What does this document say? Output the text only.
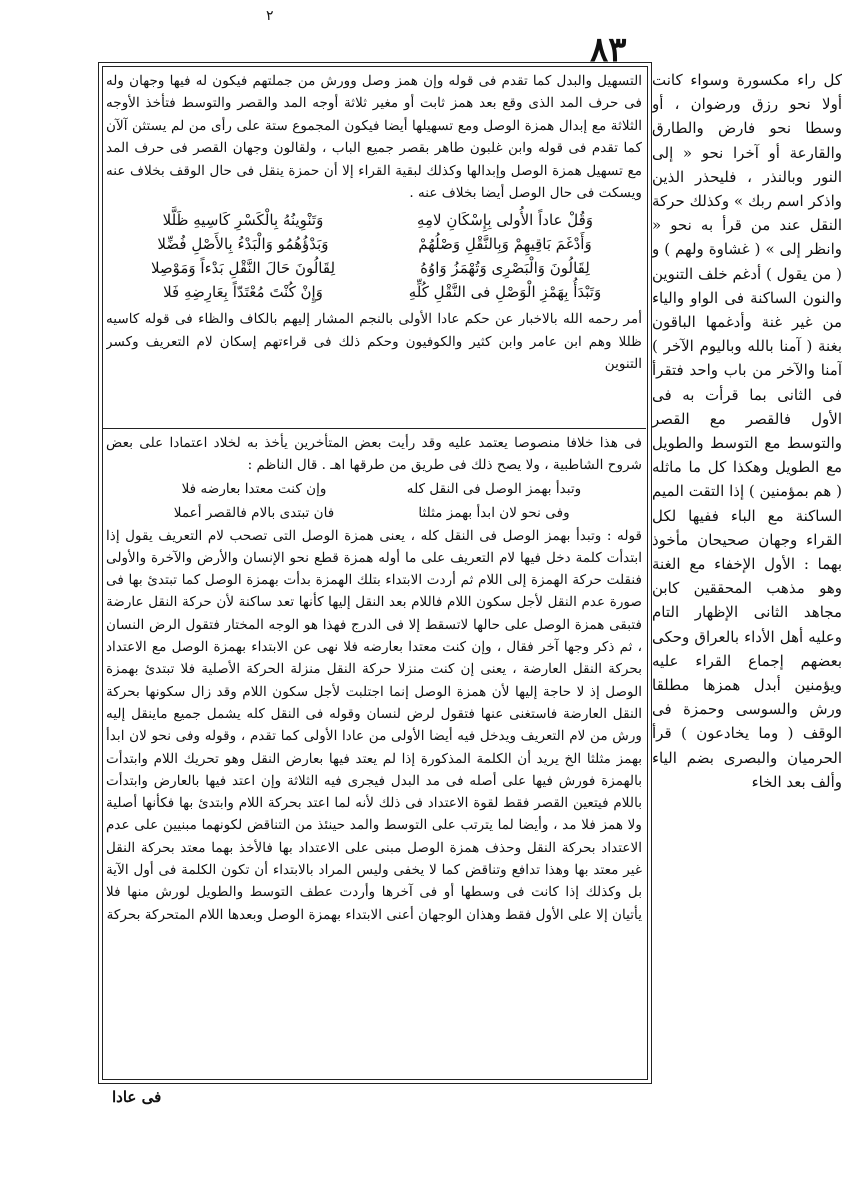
٢
٨٣

التسهيل والبدل كما تقدم فى قوله وإن همز وصل وورش من جملتهم فيكون له فيها وجهان وله فى حرف المد الذى وقع بعد همز ثابت أو مغير ثلاثة أوجه المد والقصر والتوسط فتأخذ الأوجه الثلاثة مع إبدال همزة الوصل ومع تسهيلها أيضا فيكون المجموع ستة على رأى من لم يستثن آلآن كما تقدم فى قوله وابن غلبون طاهر بقصر جميع الباب ، ولقالون وجهان القصر فى حرف المد مع تسهيل همزة الوصل وإبدالها وكذلك لبقية القراء إلا أن حمزة ينقل فى حال الوقف بخلاف عنه ويسكت فى حال الوصل أيضا بخلاف عنه .

وَقُلْ عاداً الأُولى بِإِسْكَانِ لامِهِ
وَتَنْوِينُهُ بِالْكَسْرِ كَاسِيهِ ظَلَّلا
وَأَدْغَمَ بَاقِيهِمْ وَبِالنَّقْلِ وَصْلُهُمْ
وَبَدْؤُهُمُو وَالْبَدْءُ بِالأَصْلِ فُضِّلا
لِقَالُونَ وَالْبَصْرِى وَتُهْمَزُ وَاوُهُ
لِقَالُونَ حَالَ النَّقْلِ بَدْءاً وَمَوْصِلا
وَتَبْدَأُ بِهَمْزِ الْوَصْلِ فى النَّقْلِ كُلِّهِ
وَإِنْ كُنْتَ مُعْتَدّاً بِعَارِضِهِ فَلا

أمر رحمه الله بالاخبار عن حكم عادا الأولى بالنجم المشار إليهم بالكاف والظاء فى قوله كاسيه ظللا وهم ابن عامر وابن كثير والكوفيون وحكم ذلك فى قراءتهم إسكان لام التعريف وكسر التنوين

فى هذا خلافا منصوصا يعتمد عليه وقد رأيت بعض المتأخرين يأخذ به لخلاد اعتمادا على بعض شروح الشاطبية ، ولا يصح ذلك فى طريق من طرقها اهـ . قال الناظم :

وتبدأ بهمز الوصل فى النقل كله
وإن كنت معتدا بعارضه فلا
وفى نحو لان ابدأ بهمز مثلثا
فان تبتدى بالام فالقصر أعملا

قوله : وتبدأ بهمز الوصل فى النقل كله ، يعنى همزة الوصل التى تصحب لام التعريف يقول إذا ابتدأت كلمة دخل فيها لام التعريف على ما أوله همزة قطع نحو الإنسان والأرض والآخرة والأولى فنقلت حركة الهمزة إلى اللام ثم أردت الابتداء بتلك الهمزة بدأت بهمزة الوصل كما تبتدئ بها فى صورة عدم النقل لأجل سكون اللام فاللام بعد النقل إليها كأنها تعد ساكنة لأن حركة النقل عارضة فتبقى همزة الوصل على حالها لاتسقط إلا فى الدرج فهذا هو الوجه المختار فتقول الرض النسان ، ثم ذكر وجها آخر فقال ، وإن كنت معتدا بعارضه فلا نهى عن الابتداء بهمزة الوصل مع الاعتداد بحركة النقل العارضة ، يعنى إن كنت منزلا حركة النقل منزلة الحركة الأصلية فلا تبتدئ بهمزة الوصل إذ لا حاجة إليها لأن همزة الوصل إنما اجتلبت لأجل سكون اللام وقد زال سكونها بحركة النقل العارضة فاستغنى عنها فتقول لرض لنسان وقوله فى النقل كله يشمل جميع ماينقل إليه ورش من لام التعريف ويدخل فيه أيضا الأولى من عادا الأولى كما تقدم ، وقوله وفى نحو لان ابدأ بهمز مثلثا الخ يريد أن الكلمة المذكورة إذا لم يعتد فيها بعارض النقل وهو تحريك اللام وابتدأت بالهمزة فورش فيها على أصله فى مد البدل فيجرى فيه الثلاثة وإن اعتد فيها بالعارض وابتدأت باللام فيتعين القصر فقط لقوة الاعتداد فى ذلك لأنه لما اعتد بحركة اللام وابتدئ بها فكأنها أصلية ولا همز فلا مد ، وأيضا لما يترتب على التوسط والمد حينئذ من التناقض لكونهما مبنيين على عدم الاعتداد بحركة النقل وحذف همزة الوصل مبنى على الاعتداد بها فالأخذ بهما معتد بحركة النقل غير معتد بها وهذا تدافع وتناقض كما لا يخفى وليس المراد بالابتداء أن تكون الكلمة فى أول الآية بل وكذلك إذا كانت فى وسطها أو فى آخرها وأردت عطف التوسط والطويل لورش منها فلا يأتيان إلا على الأول فقط وهذان الوجهان أعنى الابتداء بهمزة الوصل وبعدها اللام المتحركة بحركة

كل راء مكسورة وسواء كانت أولا نحو رزق ورضوان ، أو وسطا نحو فارض والطارق والقارعة أو آخرا نحو « إلى النور وبالنذر ، فليحذر الذين واذكر اسم ربك » وكذلك حركة النقل عند من قرأ به نحو « وانظر إلى » ( غشاوة ولهم ) و ( من يقول ) أدغم خلف التنوين والنون الساكنة فى الواو والياء من غير غنة وأدغمها الباقون بغنة ( آمنا بالله وباليوم الآخر ) آمنا والآخر من باب واحد فتقرأ فى الثانى بما قرأت به فى الأول فالقصر مع القصر والتوسط مع التوسط والطويل مع الطويل وهكذا كل ما ماثله ( هم بمؤمنين ) إذا التقت الميم الساكنة مع الباء ففيها لكل القراء وجهان صحيحان مأخوذ بهما : الأول الإخفاء مع الغنة وهو مذهب المحققين كابن مجاهد الثانى الإظهار التام وعليه أهل الأداء بالعراق وحكى بعضهم إجماع القراء عليه ويؤمنين أبدل همزها مطلقا ورش والسوسى وحمزة فى الوقف ( وما يخادعون ) قرأ الحرميان والبصرى بضم الياء وألف بعد الخاء
فى عادا
